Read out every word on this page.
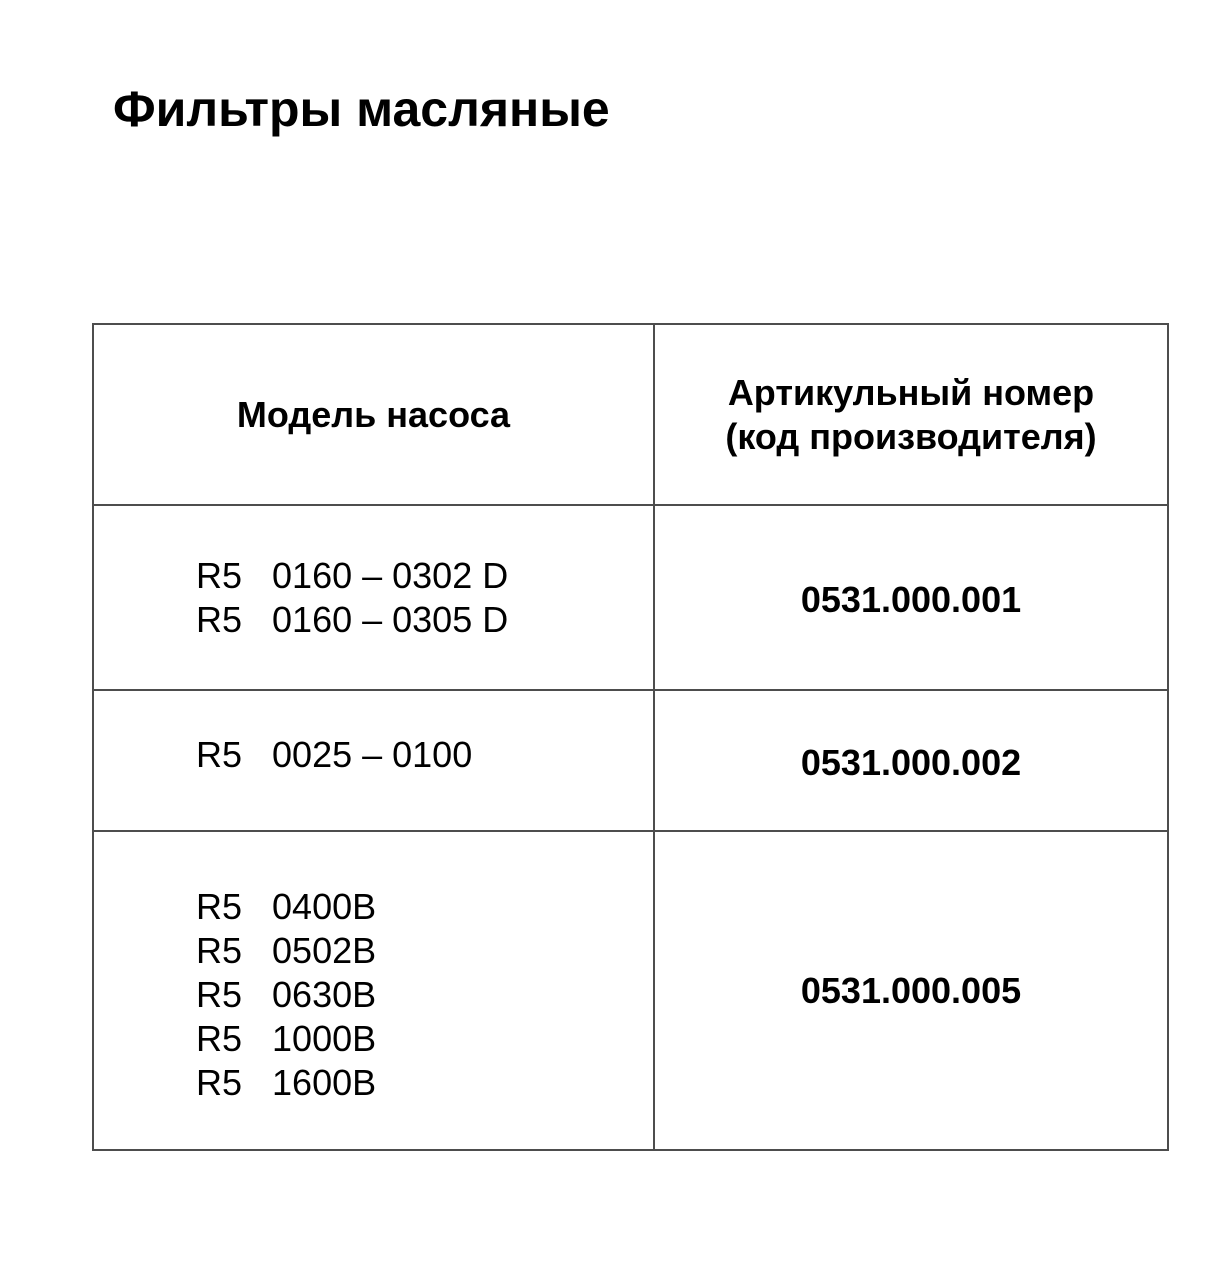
Фильтры масляные
Модель насоса	Артикульный номер
(код производителя)

R5   0160 – 0302 D
R5   0160 – 0305 D	0531.000.001

R5   0025 – 0100	0531.000.002

R5   0400B
R5   0502B
R5   0630B
R5   1000B
R5   1600B	0531.000.005
